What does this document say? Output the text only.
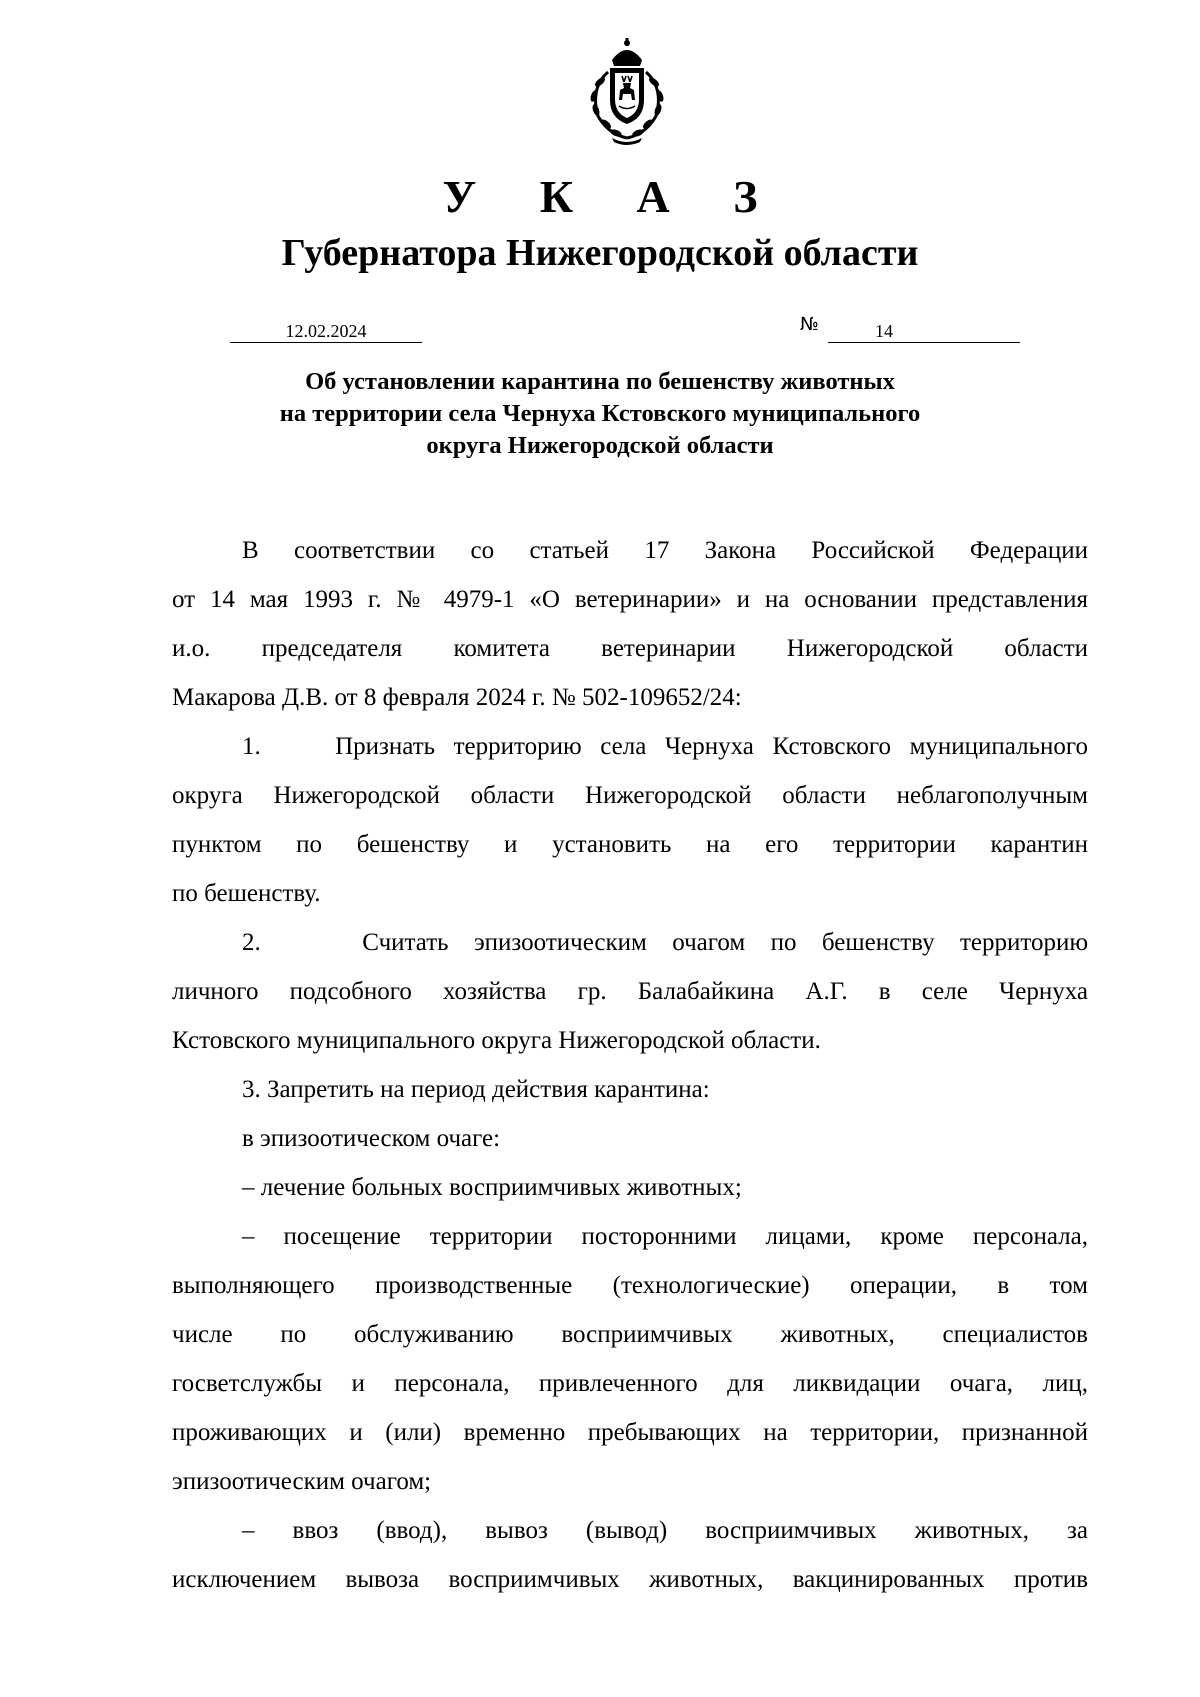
У К А З
Губернатора Нижегородской области
12.02.2024	№	14
Об установлении карантина по бешенству животных
на территории села Чернуха Кстовского муниципального
округа Нижегородской области
В соответствии со статьей 17 Закона Российской Федерации
от 14 мая 1993 г. № 4979-1 «О ветеринарии» и на основании представления
и.о. председателя комитета ветеринарии Нижегородской области
Макарова Д.В. от 8 февраля 2024 г. № 502-109652/24:
1.    Признать территорию села Чернуха Кстовского муниципального
округа Нижегородской области Нижегородской области неблагополучным
пунктом по бешенству и установить на его территории карантин
по бешенству.
2.    Считать эпизоотическим очагом по бешенству территорию
личного подсобного хозяйства гр. Балабайкина А.Г. в селе Чернуха
Кстовского муниципального округа Нижегородской области.
3. Запретить на период действия карантина:
в эпизоотическом очаге:
– лечение больных восприимчивых животных;
– посещение территории посторонними лицами, кроме персонала,
выполняющего производственные (технологические) операции, в том
числе по обслуживанию восприимчивых животных, специалистов
госветслужбы и персонала, привлеченного для ликвидации очага, лиц,
проживающих и (или) временно пребывающих на территории, признанной
эпизоотическим очагом;
– ввоз (ввод), вывоз (вывод) восприимчивых животных, за
исключением вывоза восприимчивых животных, вакцинированных против
